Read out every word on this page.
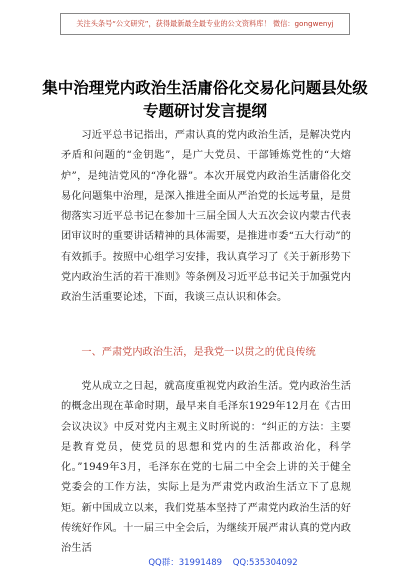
关注头条号“公文研究”，获得最新最全最专业的公文资料库！ 微信：gongwenyj
集中治理党内政治生活庸俗化交易化问题县处级专题研讨发言提纲

习近平总书记指出，严肃认真的党内政治生活，是解决党内矛盾和问题的“金钥匙”，是广大党员、干部锤炼党性的“大熔炉”，是纯洁党风的“净化器”。本次开展党内政治生活庸俗化交易化问题集中治理，是深入推进全面从严治党的长远考量，是贯彻落实习近平总书记在参加十三届全国人大五次会议内蒙古代表团审议时的重要讲话精神的具体需要，是推进市委“五大行动”的有效抓手。按照中心组学习安排，我认真学习了《关于新形势下党内政治生活的若干准则》等条例及习近平总书记关于加强党内政治生活重要论述，下面，我谈三点认识和体会。

一、严肃党内政治生活，是我党一以贯之的优良传统

党从成立之日起，就高度重视党内政治生活。党内政治生活的概念出现在革命时期，最早来自毛泽东1929年12月在《古田会议决议》中反对党内主观主义时所说的：“纠正的方法：主要是教育党员，使党员的思想和党内的生活都政治化，科学化。”1949年3月，毛泽东在党的七届二中全会上讲的关于健全党委会的工作方法，实际上是为严肃党内政治生活立下了息规矩。新中国成立以来，我们党基本坚持了严肃党内政治生活的好传统好作风。十一届三中全会后，为继续开展严肃认真的党内政治生活

QQ群：31991489 QQ:535304092
